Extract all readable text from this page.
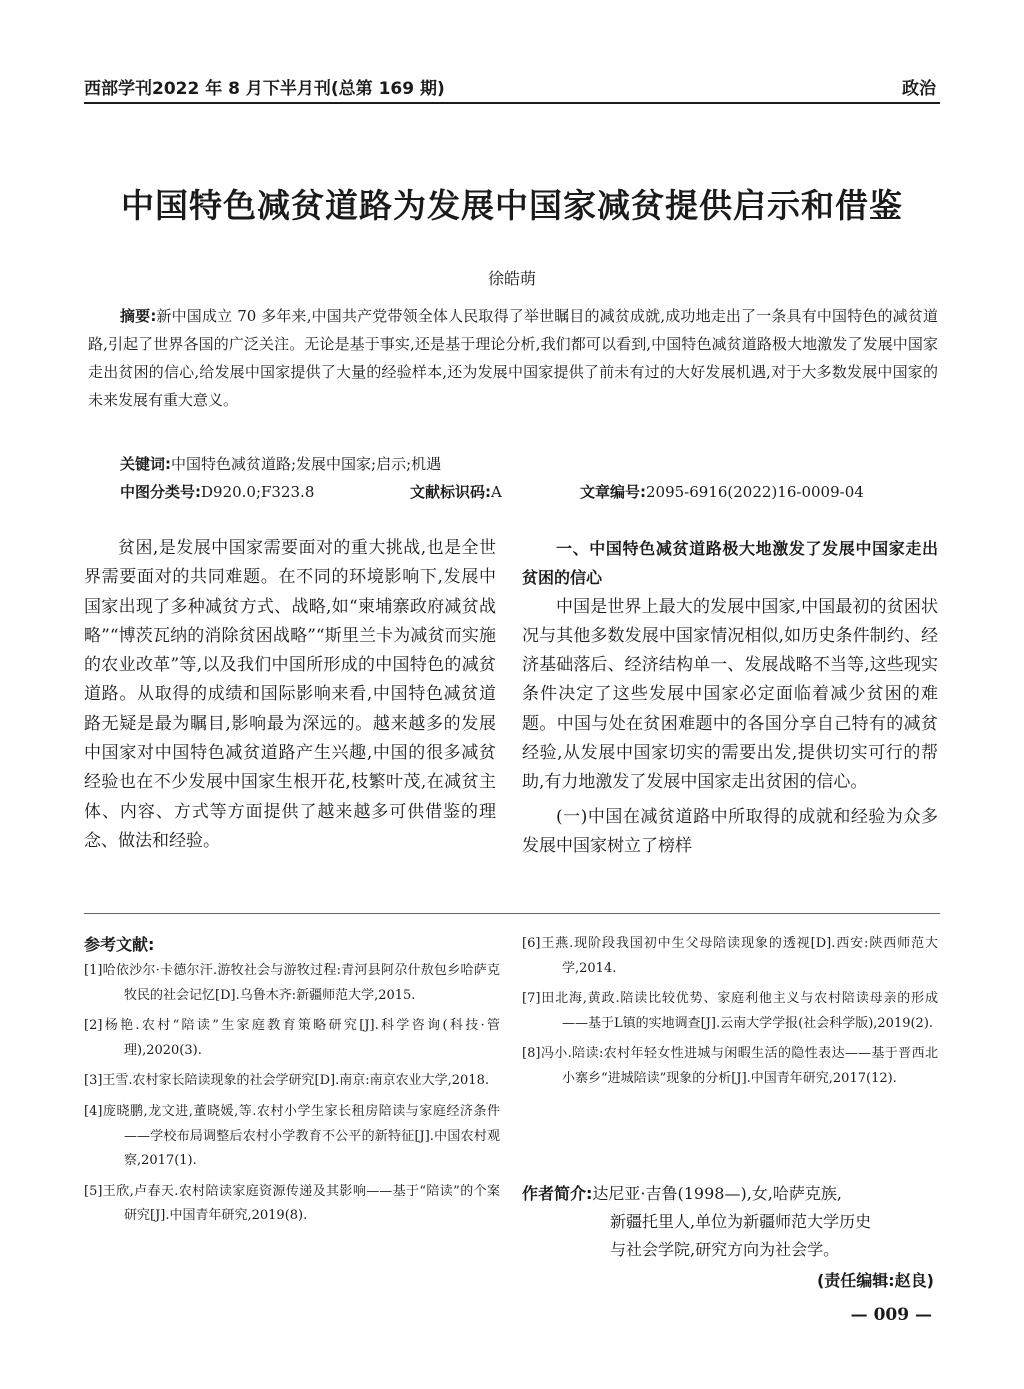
西部学刊2022 年 8 月下半月刊(总第 169 期)	政治
中国特色减贫道路为发展中国家减贫提供启示和借鉴
徐皓萌
摘要:新中国成立 70 多年来,中国共产党带领全体人民取得了举世瞩目的减贫成就,成功地走出了一条具有中国特色的减贫道路,引起了世界各国的广泛关注。无论是基于事实,还是基于理论分析,我们都可以看到,中国特色减贫道路极大地激发了发展中国家走出贫困的信心,给发展中国家提供了大量的经验样本,还为发展中国家提供了前未有过的大好发展机遇,对于大多数发展中国家的未来发展有重大意义。
关键词:中国特色减贫道路;发展中国家;启示;机遇
中图分类号:D920.0;F323.8	文献标识码:A	文章编号:2095-6916(2022)16-0009-04

贫困,是发展中国家需要面对的重大挑战,也是全世界需要面对的共同难题。在不同的环境影响下,发展中国家出现了多种减贫方式、战略,如“柬埔寨政府减贫战略”“博茨瓦纳的消除贫困战略”“斯里兰卡为减贫而实施的农业改革”等,以及我们中国所形成的中国特色的减贫道路。从取得的成绩和国际影响来看,中国特色减贫道路无疑是最为瞩目,影响最为深远的。越来越多的发展中国家对中国特色减贫道路产生兴趣,中国的很多减贫经验也在不少发展中国家生根开花,枝繁叶茂,在减贫主体、内容、方式等方面提供了越来越多可供借鉴的理念、做法和经验。

一、中国特色减贫道路极大地激发了发展中国家走出贫困的信心

中国是世界上最大的发展中国家,中国最初的贫困状况与其他多数发展中国家情况相似,如历史条件制约、经济基础落后、经济结构单一、发展战略不当等,这些现实条件决定了这些发展中国家必定面临着减少贫困的难题。中国与处在贫困难题中的各国分享自己特有的减贫经验,从发展中国家切实的需要出发,提供切实可行的帮助,有力地激发了发展中国家走出贫困的信心。

(一)中国在减贫道路中所取得的成就和经验为众多发展中国家树立了榜样

参考文献:
[1]哈依沙尔·卡德尔汗.游牧社会与游牧过程:青河县阿尕什敖包乡哈萨克牧民的社会记忆[D].乌鲁木齐:新疆师范大学,2015.
[2]杨艳.农村“陪读”生家庭教育策略研究[J].科学咨询(科技·管理),2020(3).
[3]王雪.农村家长陪读现象的社会学研究[D].南京:南京农业大学,2018.
[4]庞晓鹏,龙文进,董晓媛,等.农村小学生家长租房陪读与家庭经济条件——学校布局调整后农村小学教育不公平的新特征[J].中国农村观察,2017(1).
[5]王欣,卢春天.农村陪读家庭资源传递及其影响——基于“陪读”的个案研究[J].中国青年研究,2019(8).
[6]王燕.现阶段我国初中生父母陪读现象的透视[D].西安:陕西师范大学,2014.
[7]田北海,黄政.陪读比较优势、家庭利他主义与农村陪读母亲的形成——基于L镇的实地调查[J].云南大学学报(社会科学版),2019(2).
[8]冯小.陪读:农村年轻女性进城与闲暇生活的隐性表达——基于晋西北小寨乡“进城陪读”现象的分析[J].中国青年研究,2017(12).
作者简介:达尼亚·吉鲁(1998—),女,哈萨克族,
新疆托里人,单位为新疆师范大学历史
与社会学院,研究方向为社会学。
(责任编辑:赵良)
— 009 —
